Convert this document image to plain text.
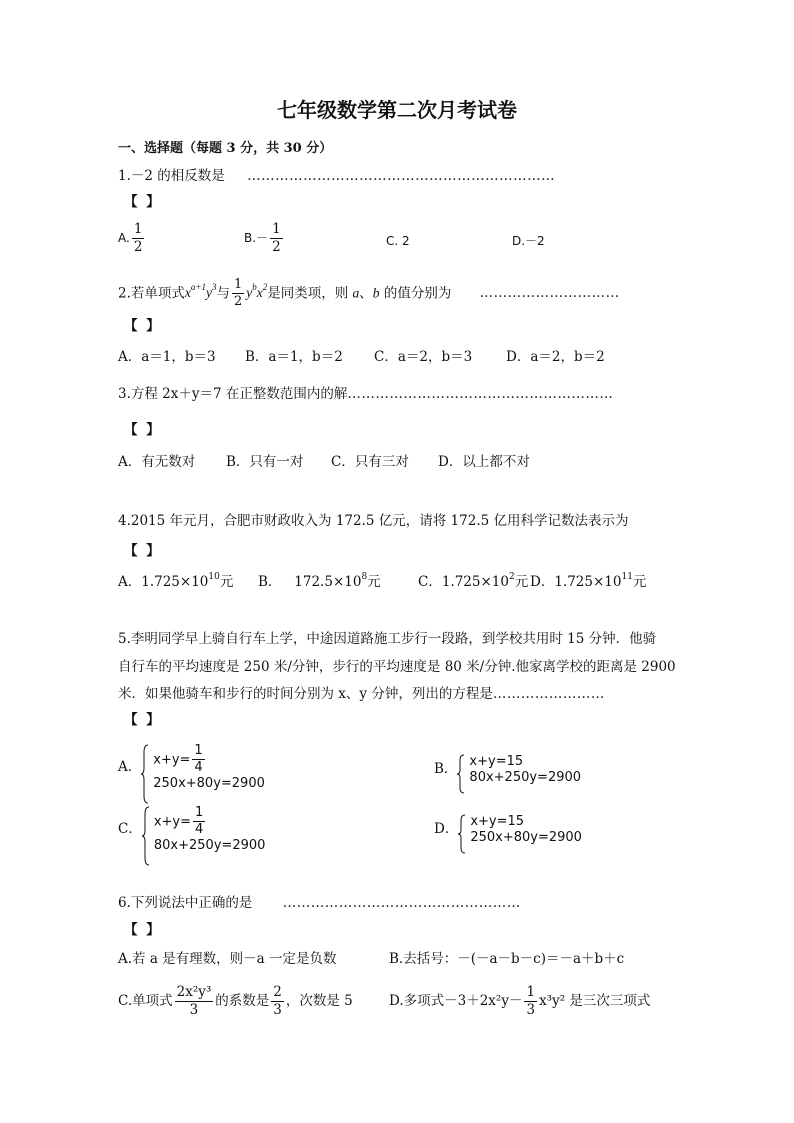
七年级数学第二次月考试卷
一、选择题（每题 3 分，共 30 分）
1.－2 的相反数是 …………………………………………………………
【 】
A. $\frac{1}{2}$	$B.- \frac{1}{2}$	C. 2	D.－2
2.若单项式$x^{a+1}y^3$与 $\frac{1}{2} y^bx^2$是同类项，则 a、b 的值分别为 …………………………
【 】
A．a＝1，b＝3 B．a＝1，b＝2 C．a＝2，b＝3	D．a＝2，b＝2
3.方程 2x＋y＝7 在正整数范围内的解…………………………………………………
【 】
A．有无数对 B．只有一对 C．只有三对 D．以上都不对
4.2015 年元月，合肥市财政收入为 172.5 亿元，请将 172.5 亿用科学记数法表示为
【 】
A．$1.725\times 10^{10}$元 B．   $172.5\times 10^8$元	C．$1.725\times 10^2$元 D．$1.725\times 10^{11}$元
5.李明同学早上骑自行车上学，中途因道路施工步行一段路，到学校共用时 15 分钟．他骑
自行车的平均速度是 250 米/分钟，步行的平均速度是 80 米/分钟.他家离学校的距离是 2900
米．如果他骑车和步行的时间分别为 x、y 分钟，列出的方程是……………………
【 】
A． $x+y= \frac{1}{4}$
250x+80y=2900
B． x+y=15
80x+250y=2900
C． $x+y= \frac{1}{4}$
80x+250y=2900
D． x+y=15
250x+80y=2900
6.下列说法中正确的是 ……………………………………………
【 】
A.若 a 是有理数，则－a 一定是负数	B.去括号：－(－a－b－c)＝－a＋b＋c
C.单项式 $\frac{\text{2x²y³}}{3}$ 的系数是 $\frac{2}{3}$ ，次数是 5	D.多项式$-3+2x^2y- \frac{1}{3} x^3y^2$ 是三次三项式
